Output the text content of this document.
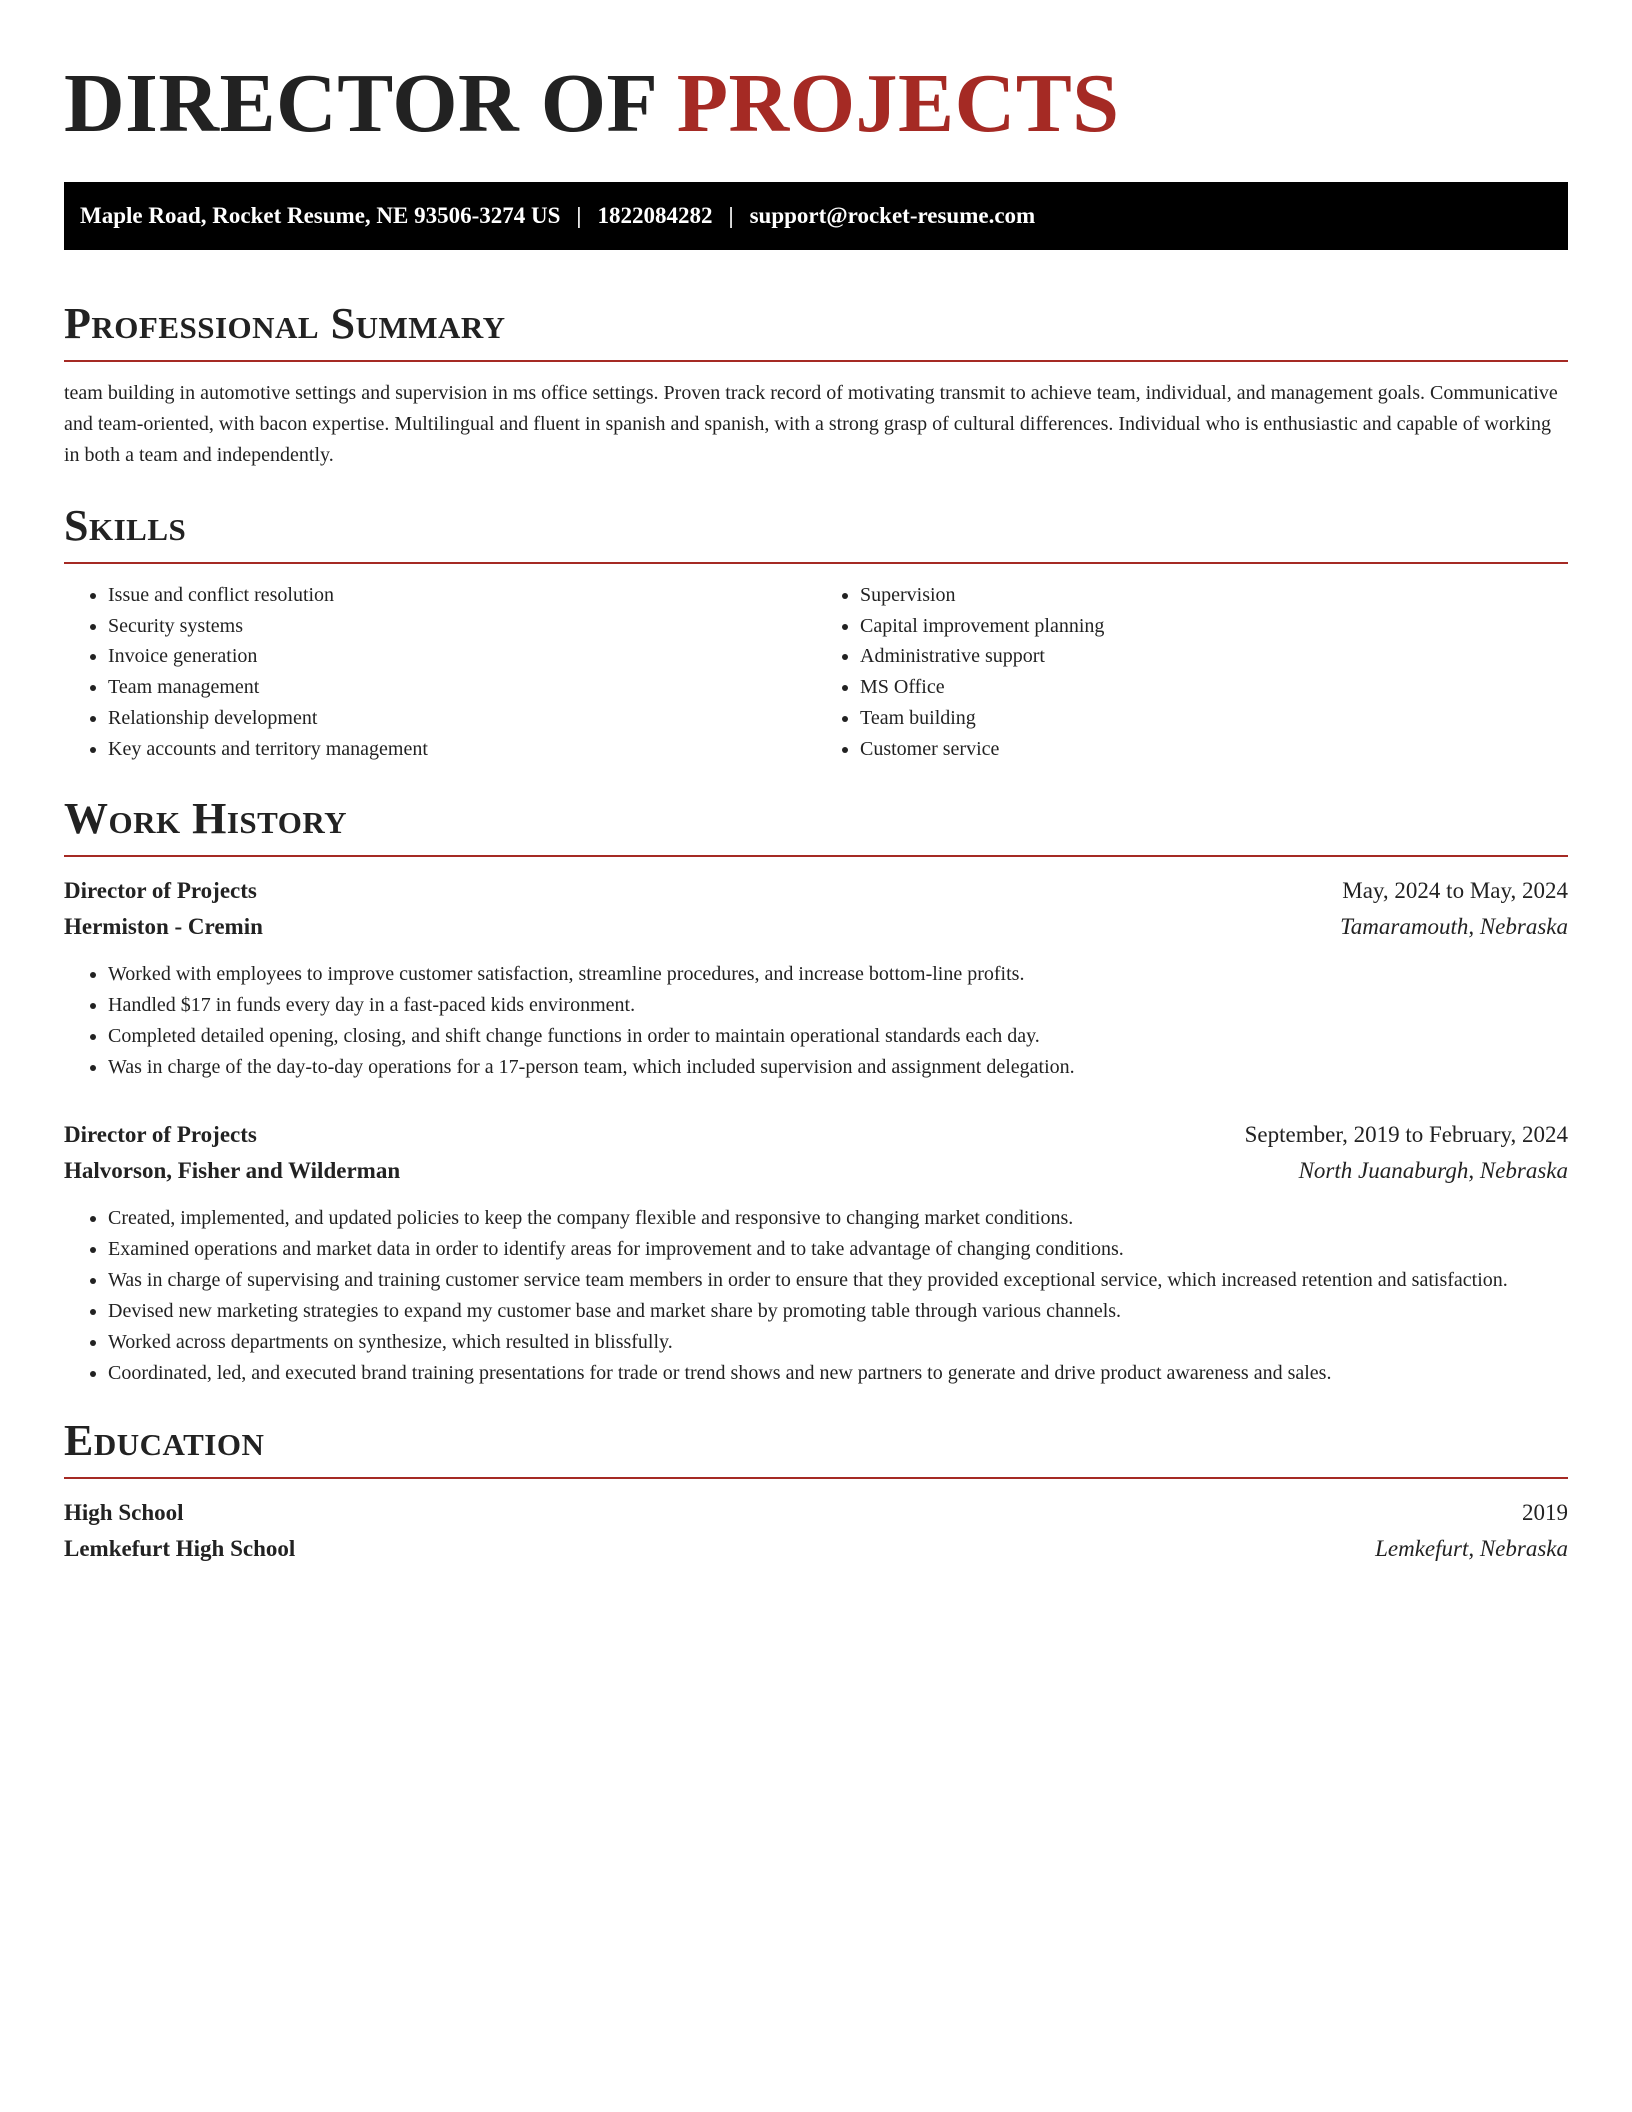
DIRECTOR OF PROJECTS
Maple Road, Rocket Resume, NE 93506-3274 US | 1822084282 | support@rocket-resume.com
Professional Summary

team building in automotive settings and supervision in ms office settings. Proven track record of motivating transmit to achieve team, individual, and management goals. Communicative and team-oriented, with bacon expertise. Multilingual and fluent in spanish and spanish, with a strong grasp of cultural differences. Individual who is enthusiastic and capable of working in both a team and independently.

Skills
• Issue and conflict resolution
• Security systems
• Invoice generation
• Team management
• Relationship development
• Key accounts and territory management
• Supervision
• Capital improvement planning
• Administrative support
• MS Office
• Team building
• Customer service
Work History
Director of Projects	May, 2024 to May, 2024
Hermiston - Cremin	Tamaramouth, Nebraska
• Worked with employees to improve customer satisfaction, streamline procedures, and increase bottom-line profits.
• Handled $17 in funds every day in a fast-paced kids environment.
• Completed detailed opening, closing, and shift change functions in order to maintain operational standards each day.
• Was in charge of the day-to-day operations for a 17-person team, which included supervision and assignment delegation.
Director of Projects	September, 2019 to February, 2024
Halvorson, Fisher and Wilderman	North Juanaburgh, Nebraska
• Created, implemented, and updated policies to keep the company flexible and responsive to changing market conditions.
• Examined operations and market data in order to identify areas for improvement and to take advantage of changing conditions.
• Was in charge of supervising and training customer service team members in order to ensure that they provided exceptional service, which increased retention and satisfaction.
• Devised new marketing strategies to expand my customer base and market share by promoting table through various channels.
• Worked across departments on synthesize, which resulted in blissfully.
• Coordinated, led, and executed brand training presentations for trade or trend shows and new partners to generate and drive product awareness and sales.
Education
High School	2019
Lemkefurt High School	Lemkefurt, Nebraska
